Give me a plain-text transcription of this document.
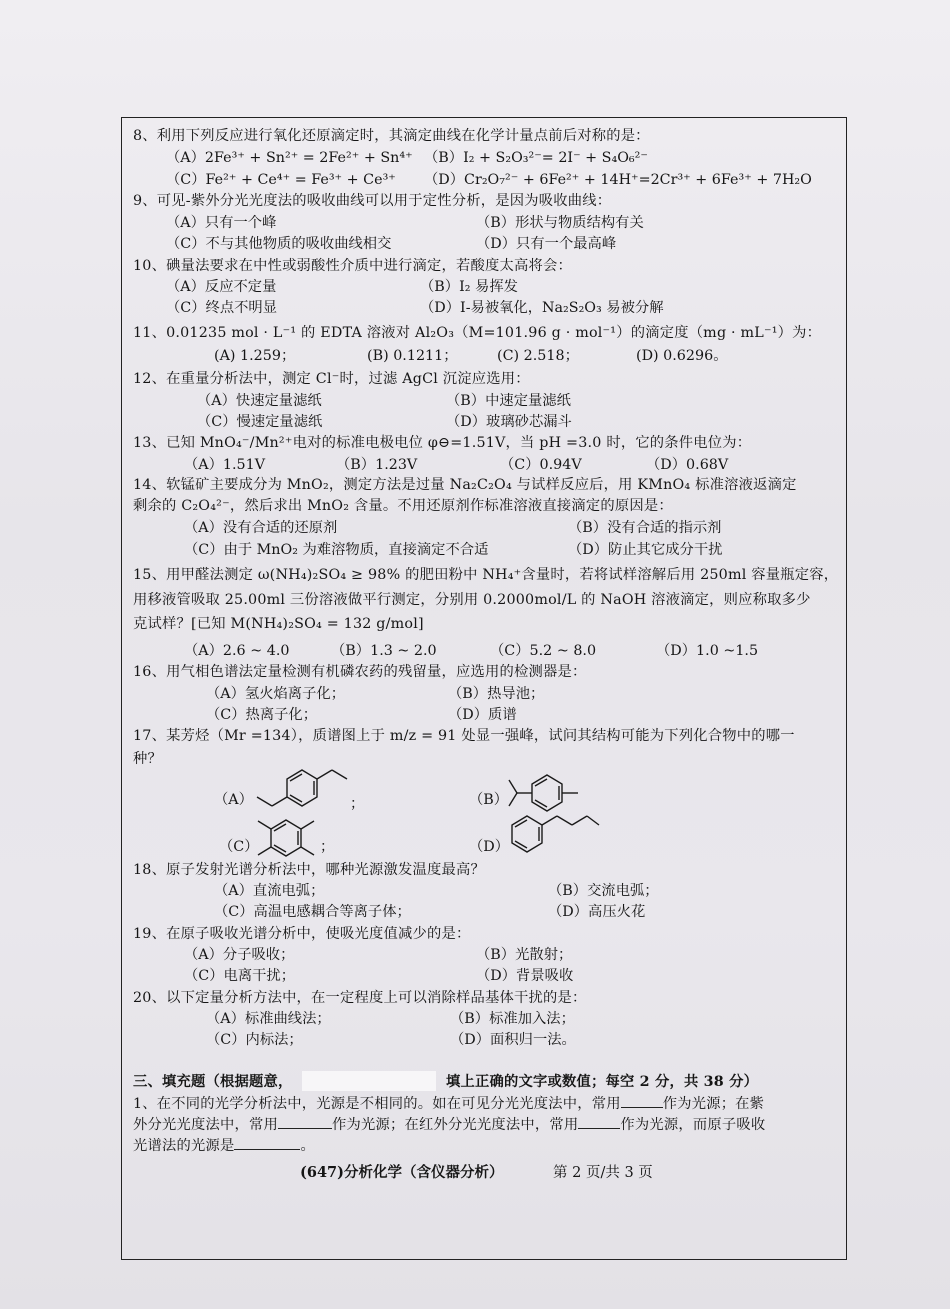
8、利用下列反应进行氧化还原滴定时，其滴定曲线在化学计量点前后对称的是：
（A）2Fe³⁺ + Sn²⁺ = 2Fe²⁺ + Sn⁴⁺ （B）I₂ + S₂O₃²⁻= 2I⁻ + S₄O₆²⁻
（C）Fe²⁺ + Ce⁴⁺ = Fe³⁺ + Ce³⁺ （D）Cr₂O₇²⁻ + 6Fe²⁺ + 14H⁺=2Cr³⁺ + 6Fe³⁺ + 7H₂O
9、可见-紫外分光光度法的吸收曲线可以用于定性分析，是因为吸收曲线：
（A）只有一个峰	（B）形状与物质结构有关
（C）不与其他物质的吸收曲线相交	（D）只有一个最高峰
10、碘量法要求在中性或弱酸性介质中进行滴定，若酸度太高将会：
（A）反应不定量	（B）I₂ 易挥发
（C）终点不明显	（D）I-易被氧化，Na₂S₂O₃ 易被分解
11、0.01235 mol · L⁻¹ 的 EDTA 溶液对 Al₂O₃（M=101.96 g · mol⁻¹）的滴定度（mg · mL⁻¹）为：
(A) 1.259；	(B) 0.1211；	(C) 2.518；	(D) 0.6296。
12、在重量分析法中，测定 Cl⁻时，过滤 AgCl 沉淀应选用：
（A）快速定量滤纸	（B）中速定量滤纸
（C）慢速定量滤纸	（D）玻璃砂芯漏斗
13、已知 MnO₄⁻/Mn²⁺电对的标准电极电位 φ⊖=1.51V，当 pH =3.0 时，它的条件电位为：
（A）1.51V	（B）1.23V	（C）0.94V	（D）0.68V
14、软锰矿主要成分为 MnO₂，测定方法是过量 Na₂C₂O₄ 与试样反应后，用 KMnO₄ 标准溶液返滴定
剩余的 C₂O₄²⁻，然后求出 MnO₂ 含量。不用还原剂作标准溶液直接滴定的原因是：
（A）没有合适的还原剂	（B）没有合适的指示剂
（C）由于 MnO₂ 为难溶物质，直接滴定不合适	（D）防止其它成分干扰
15、用甲醛法测定 ω(NH₄)₂SO₄ ≥ 98% 的肥田粉中 NH₄⁺含量时，若将试样溶解后用 250ml 容量瓶定容，
用移液管吸取 25.00ml 三份溶液做平行测定，分别用 0.2000mol/L 的 NaOH 溶液滴定，则应称取多少
克试样？[已知 M(NH₄)₂SO₄ = 132 g/mol]
（A）2.6 ~ 4.0	（B）1.3 ~ 2.0	（C）5.2 ~ 8.0	（D）1.0 ~1.5
16、用气相色谱法定量检测有机磷农药的残留量，应选用的检测器是：
（A）氢火焰离子化；	（B）热导池；
（C）热离子化；	（D）质谱
17、某芳烃（Mr =134），质谱图上于 m/z = 91 处显一强峰，试问其结构可能为下列化合物中的哪一
种？
（A）	；	（B）
（C）	；	（D）
18、原子发射光谱分析法中，哪种光源激发温度最高？
（A）直流电弧；	（B）交流电弧；
（C）高温电感耦合等离子体；	（D）高压火花
19、在原子吸收光谱分析中，使吸光度值减少的是：
（A）分子吸收；	（B）光散射；
（C）电离干扰；	（D）背景吸收
20、以下定量分析方法中，在一定程度上可以消除样品基体干扰的是：
（A）标准曲线法；	（B）标准加入法；
（C）内标法；	（D）面积归一法。
三、填充题（根据题意，	填上正确的文字或数值；每空 2 分，共 38 分）
1、在不同的光学分析法中，光源是不相同的。如在可见分光光度法中，常用	作为光源；在紫
外分光光度法中，常用	作为光源；在红外分光光度法中，常用	作为光源，而原子吸收
光谱法的光源是	。
(647)分析化学（含仪器分析）	第 2 页/共 3 页
